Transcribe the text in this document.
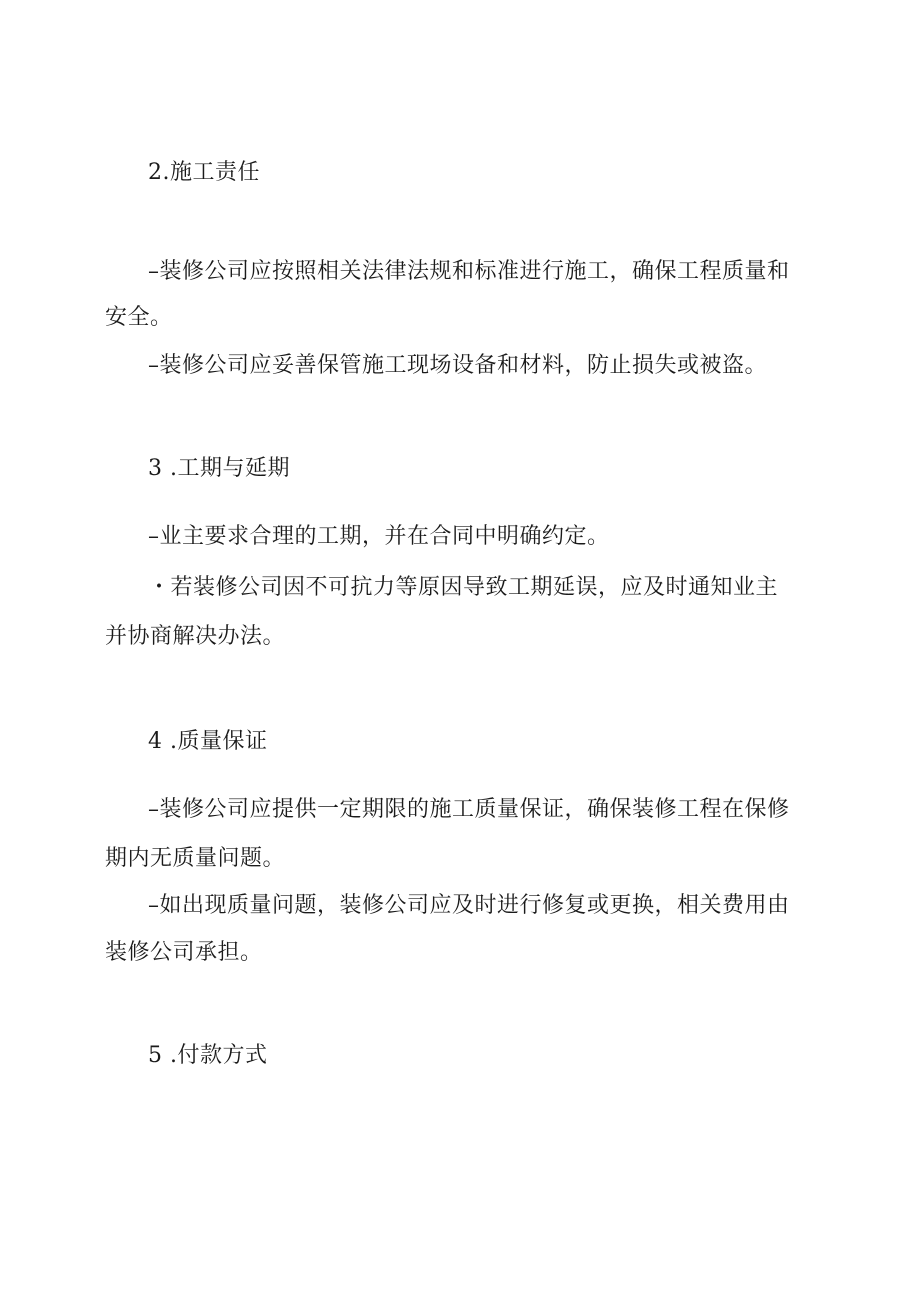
2.施工责任
–装修公司应按照相关法律法规和标准进行施工，确保工程质量和
安全。
–装修公司应妥善保管施工现场设备和材料，防止损失或被盗。
3 .工期与延期
–业主要求合理的工期，并在合同中明确约定。
・若装修公司因不可抗力等原因导致工期延误，应及时通知业主
并协商解决办法。
4 .质量保证
–装修公司应提供一定期限的施工质量保证，确保装修工程在保修
期内无质量问题。
–如出现质量问题，装修公司应及时进行修复或更换，相关费用由
装修公司承担。
5 .付款方式
